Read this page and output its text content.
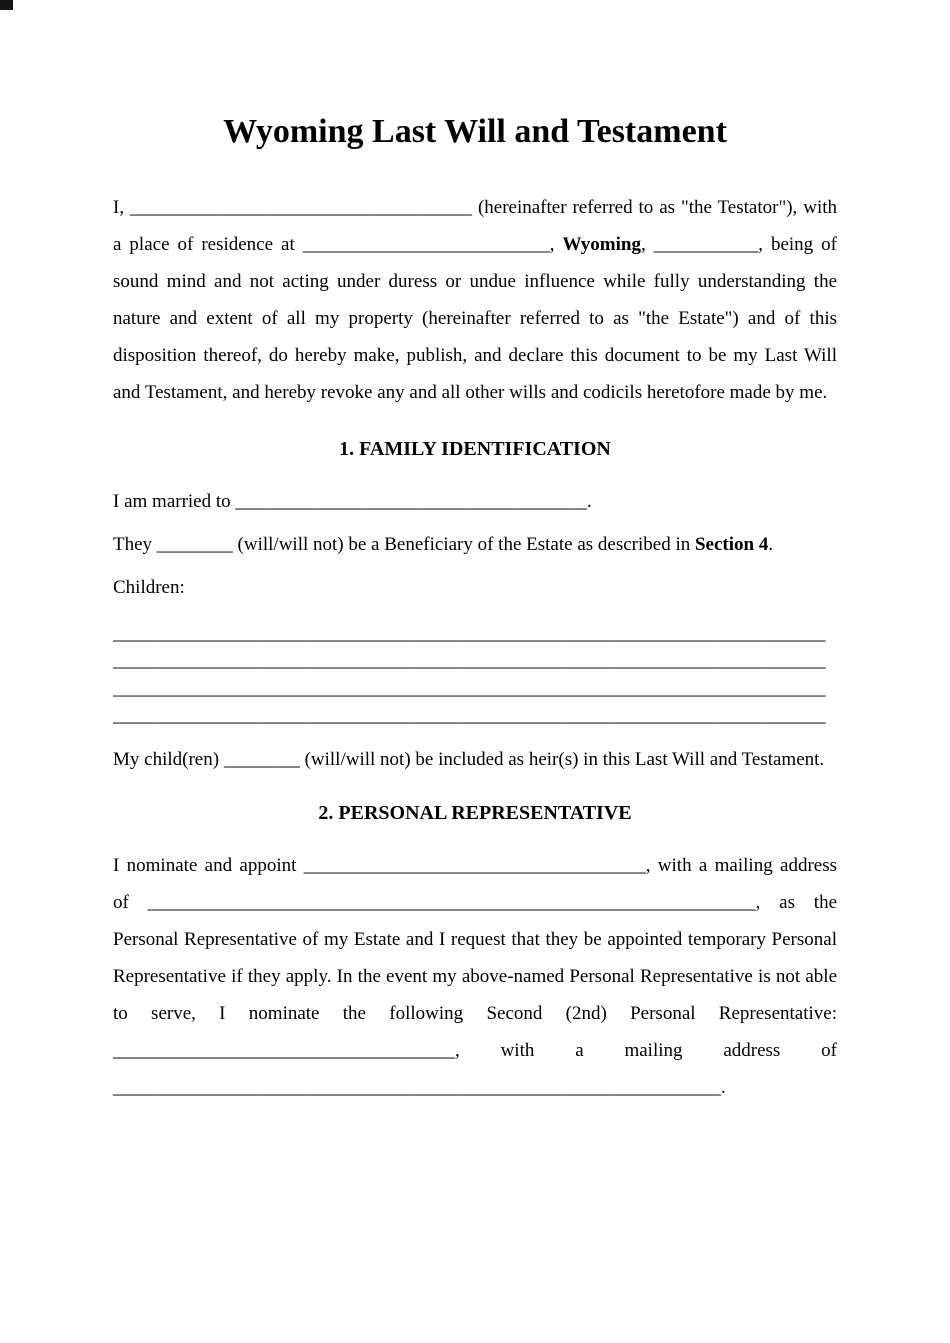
Wyoming Last Will and Testament

I, ____________________________________ (hereinafter referred to as "the Testator"), with a place of residence at __________________________, Wyoming, ___________, being of sound mind and not acting under duress or undue influence while fully understanding the nature and extent of all my property (hereinafter referred to as "the Estate") and of this disposition thereof, do hereby make, publish, and declare this document to be my Last Will and Testament, and hereby revoke any and all other wills and codicils heretofore made by me.

1. FAMILY IDENTIFICATION

I am married to _____________________________________.

They ________ (will/will not) be a Beneficiary of the Estate as described in Section 4.

Children:

___________________________________________________________________________
___________________________________________________________________________
___________________________________________________________________________
___________________________________________________________________________

My child(ren) ________ (will/will not) be included as heir(s) in this Last Will and Testament.

2. PERSONAL REPRESENTATIVE

I nominate and appoint ____________________________________, with a mailing address of ________________________________________________________________, as the Personal Representative of my Estate and I request that they be appointed temporary Personal Representative if they apply. In the event my above-named Personal Representative is not able to serve, I nominate the following Second (2nd) Personal Representative: ____________________________________, with a mailing address of ________________________________________________________________.
